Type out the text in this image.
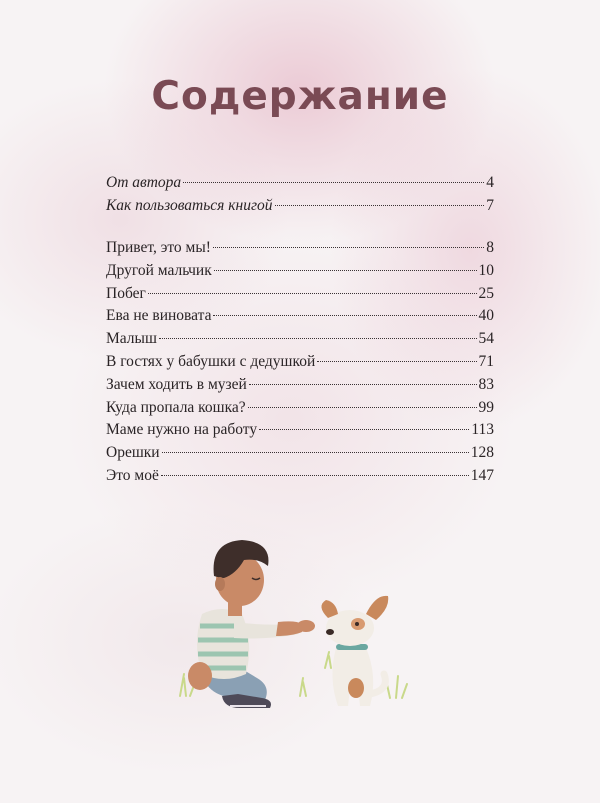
Содержание
От автора	4
Как пользоваться книгой	7
Привет, это мы!	8
Другой мальчик	10
Побег	25
Ева не виновата	40
Малыш	54
В гостях у бабушки с дедушкой	71
Зачем ходить в музей	83
Куда пропала кошка?	99
Маме нужно на работу	113
Орешки	128
Это моё	147
